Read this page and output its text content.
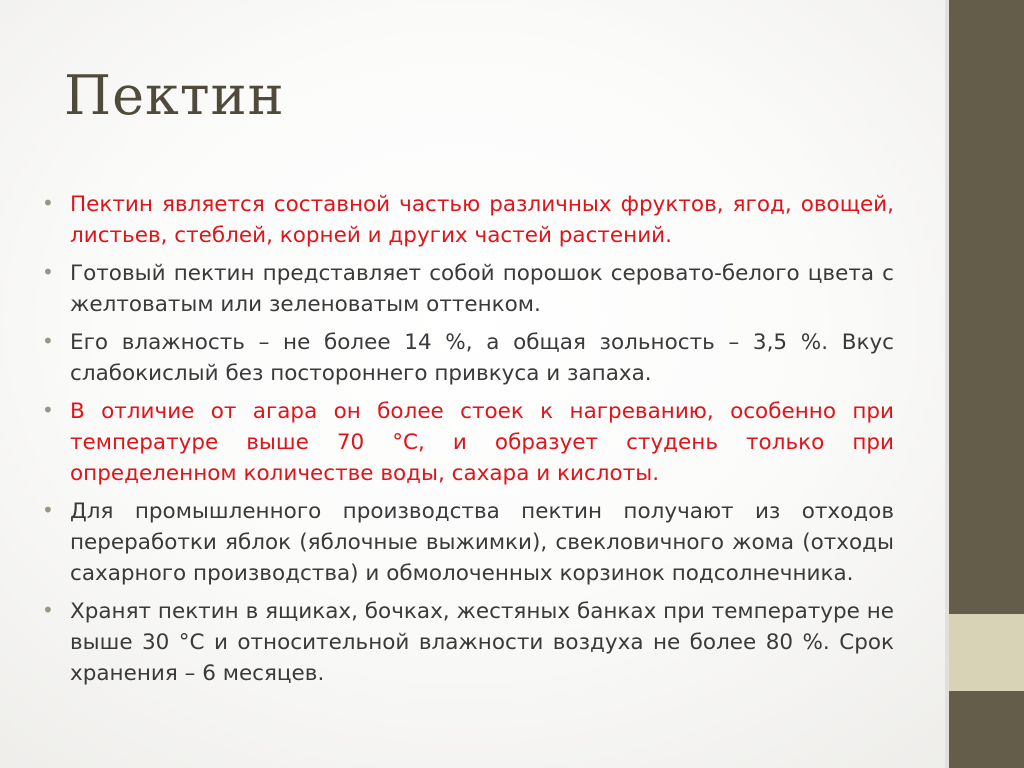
Пектин
• Пектин является составной частью различных фруктов, ягод, овощей, листьев, стеблей, корней и других частей растений.
• Готовый пектин представляет собой порошок серовато-белого цвета с желтоватым или зеленоватым оттенком.
• Его влажность – не более 14 %, а общая зольность – 3,5 %. Вкус слабокислый без постороннего привкуса и запаха.
• В отличие от агара он более стоек к нагреванию, особенно при температуре выше 70 °С, и образует студень только при определенном количестве воды, сахара и кислоты.
• Для промышленного производства пектин получают из отходов переработки яблок (яблочные выжимки), свекловичного жома (отходы сахарного производства) и обмолоченных корзинок подсолнечника.
• Хранят пектин в ящиках, бочках, жестяных банках при температуре не выше 30 °С и относительной влажности воздуха не более 80 %. Срок хранения – 6 месяцев.
